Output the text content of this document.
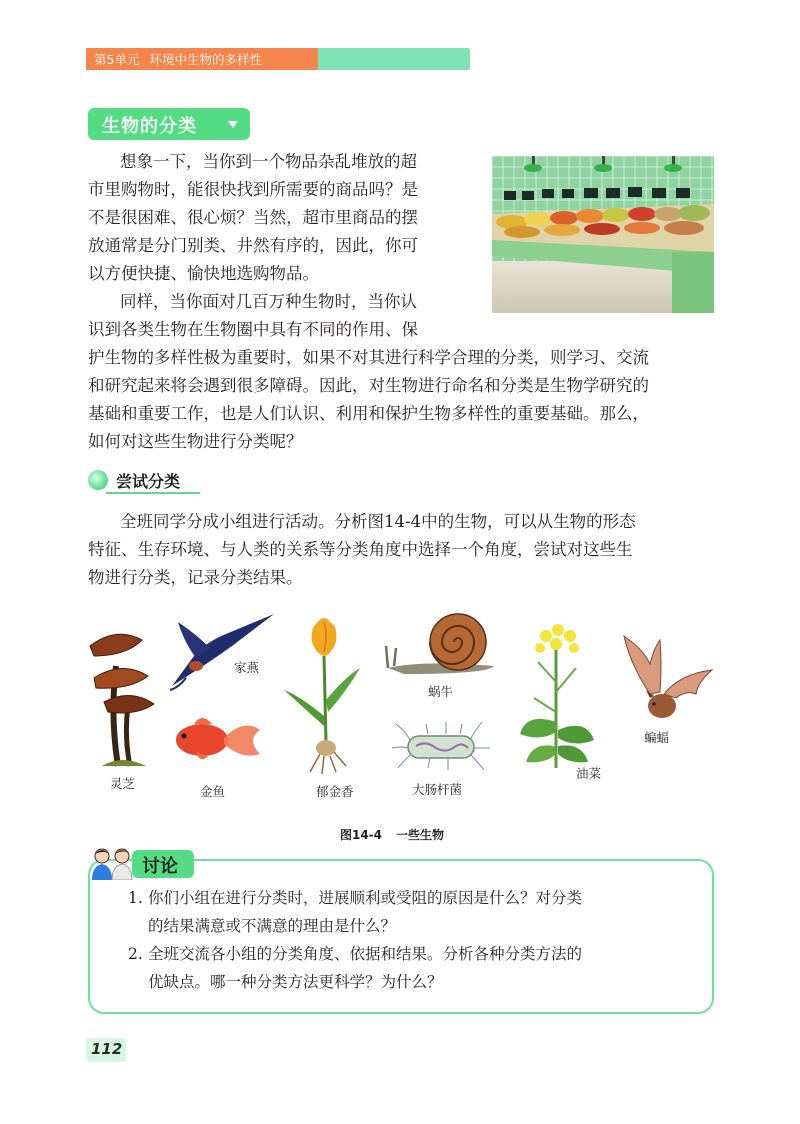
第5单元 环境中生物的多样性
生物的分类
想象一下，当你到一个物品杂乱堆放的超
市里购物时，能很快找到所需要的商品吗？是
不是很困难、很心烦？当然，超市里商品的摆
放通常是分门别类、井然有序的，因此，你可
以方便快捷、愉快地选购物品。
同样，当你面对几百万种生物时，当你认
识到各类生物在生物圈中具有不同的作用、保
护生物的多样性极为重要时，如果不对其进行科学合理的分类，则学习、交流
和研究起来将会遇到很多障碍。因此，对生物进行命名和分类是生物学研究的
基础和重要工作，也是人们认识、利用和保护生物多样性的重要基础。那么，
如何对这些生物进行分类呢？
尝试分类
全班同学分成小组进行活动。分析图14-4中的生物，可以从生物的形态
特征、生存环境、与人类的关系等分类角度中选择一个角度，尝试对这些生
物进行分类，记录分类结果。
灵芝
家燕
金鱼	郁金香
蜗牛
大肠杆菌
油菜
蝙蝠
图14-4 一些生物
讨论
1. 你们小组在进行分类时，进展顺利或受阻的原因是什么？对分类
的结果满意或不满意的理由是什么？
2. 全班交流各小组的分类角度、依据和结果。分析各种分类方法的
优缺点。哪一种分类方法更科学？为什么？
112
